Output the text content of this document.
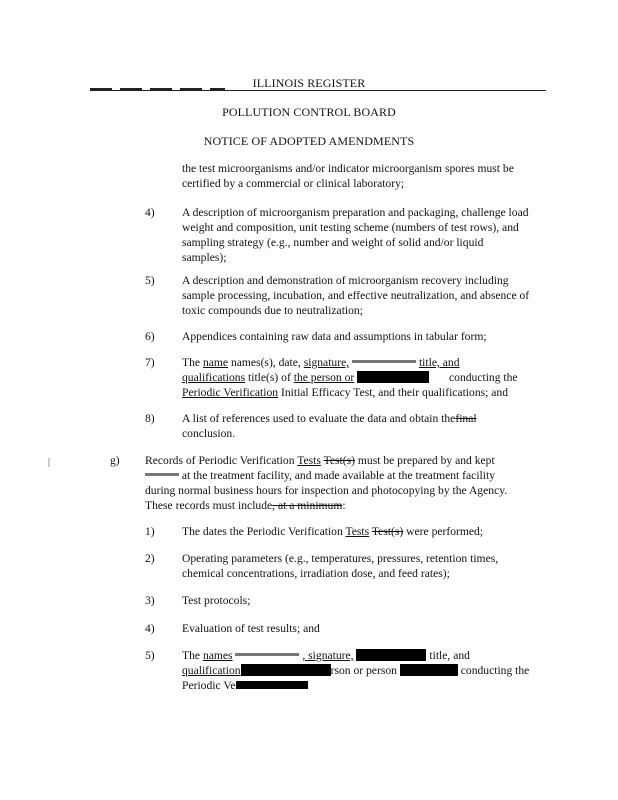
ILLINOIS REGISTER
POLLUTION CONTROL BOARD
NOTICE OF ADOPTED AMENDMENTS
the test microorganisms and/or indicator microorganism spores must be
certified by a commercial or clinical laboratory;
4) A description of microorganism preparation and packaging, challenge load
weight and composition, unit testing scheme (numbers of test rows), and
sampling strategy (e.g., number and weight of solid and/or liquid
samples);
5) A description and demonstration of microorganism recovery including
sample processing, incubation, and effective neutralization, and absence of
toxic compounds due to neutralization;
6) Appendices containing raw data and assumptions in tabular form;
7) The name names(s), date, signature,	title, and
qualifications title(s) of the person or	conducting the
Periodic Verification Initial Efficacy Test, and their qualifications; and
8) A list of references used to evaluate the data and obtain thefinal
conclusion.
g) Records of Periodic Verification Tests Test(s) must be prepared by and kept
at the treatment facility, and made available at the treatment facility
during normal business hours for inspection and photocopying by the Agency.
These records must include, at a minimum:
1) The dates the Periodic Verification Tests Test(s) were performed;
2) Operating parameters (e.g., temperatures, pressures, retention times,
chemical concentrations, irradiation dose, and feed rates);
3) Test protocols;
4) Evaluation of test results; and
5) The names	, signature,	title, and
qualification	rson or person	conducting the
Periodic Ve
